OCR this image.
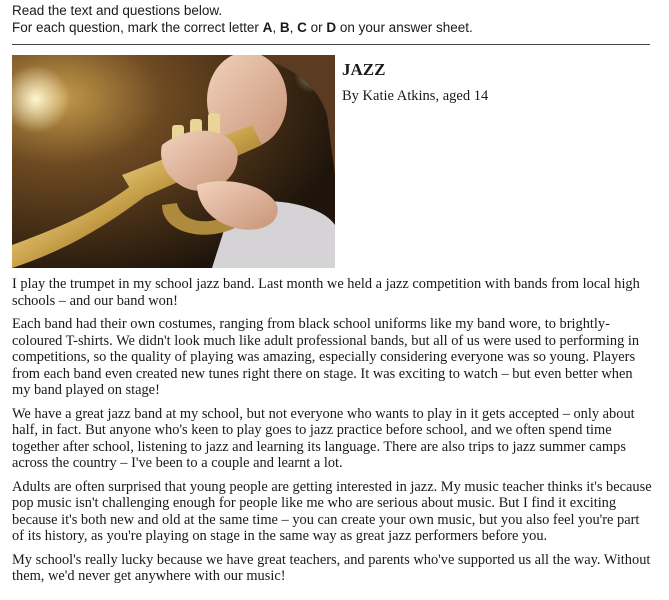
Read the text and questions below.
For each question, mark the correct letter A, B, C or D on your answer sheet.
JAZZ
By Katie Atkins, aged 14

I play the trumpet in my school jazz band. Last month we held a jazz competition with bands from local high schools – and our band won!

Each band had their own costumes, ranging from black school uniforms like my band wore, to brightly-coloured T-shirts. We didn't look much like adult professional bands, but all of us were used to performing in competitions, so the quality of playing was amazing, especially considering everyone was so young. Players from each band even created new tunes right there on stage. It was exciting to watch – but even better when my band played on stage!

We have a great jazz band at my school, but not everyone who wants to play in it gets accepted – only about half, in fact. But anyone who's keen to play goes to jazz practice before school, and we often spend time together after school, listening to jazz and learning its language. There are also trips to jazz summer camps across the country – I've been to a couple and learnt a lot.

Adults are often surprised that young people are getting interested in jazz. My music teacher thinks it's because pop music isn't challenging enough for people like me who are serious about music. But I find it exciting because it's both new and old at the same time – you can create your own music, but you also feel you're part of its history, as you're playing on stage in the same way as great jazz performers before you.

My school's really lucky because we have great teachers, and parents who've supported us all the way. Without them, we'd never get anywhere with our music!
